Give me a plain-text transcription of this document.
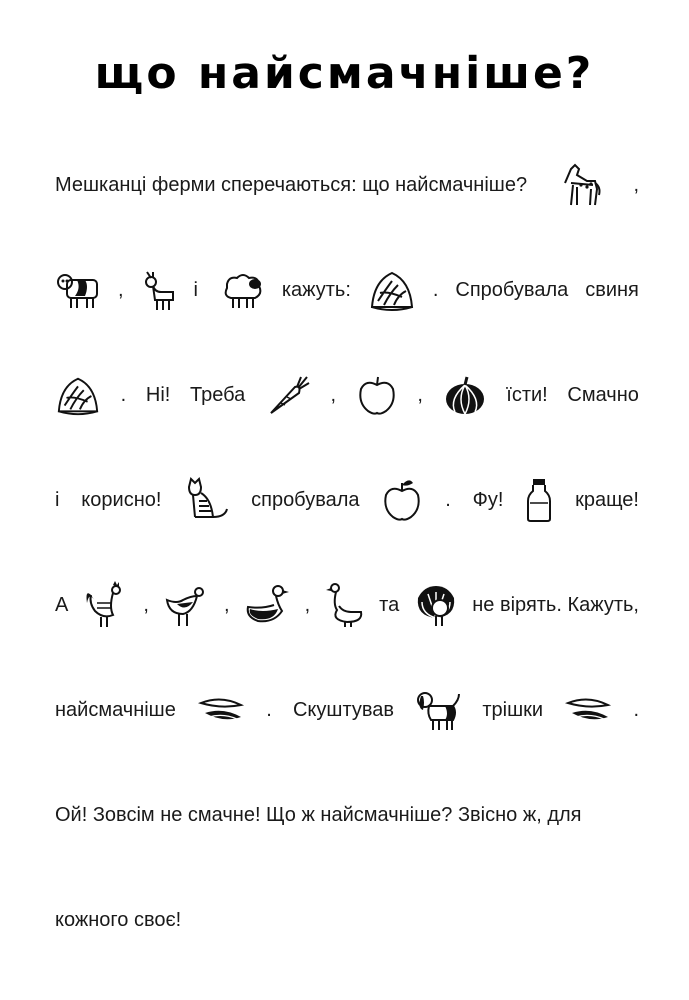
що найсмачніше?
Мешканці ферми сперечаються: що найсмачніше?	,
,	і	кажуть:	. Спробувала свиня
. Ні! Треба	,	,	їсти! Смачно
і корисно!	спробувала	. Фу!	краще!
А	,	,	,	та	не вірять. Кажуть,
найсмачніше	. Скуштував	трішки	.
Ой! Зовсім не смачне! Що ж найсмачніше? Звісно ж, для
кожного своє!
